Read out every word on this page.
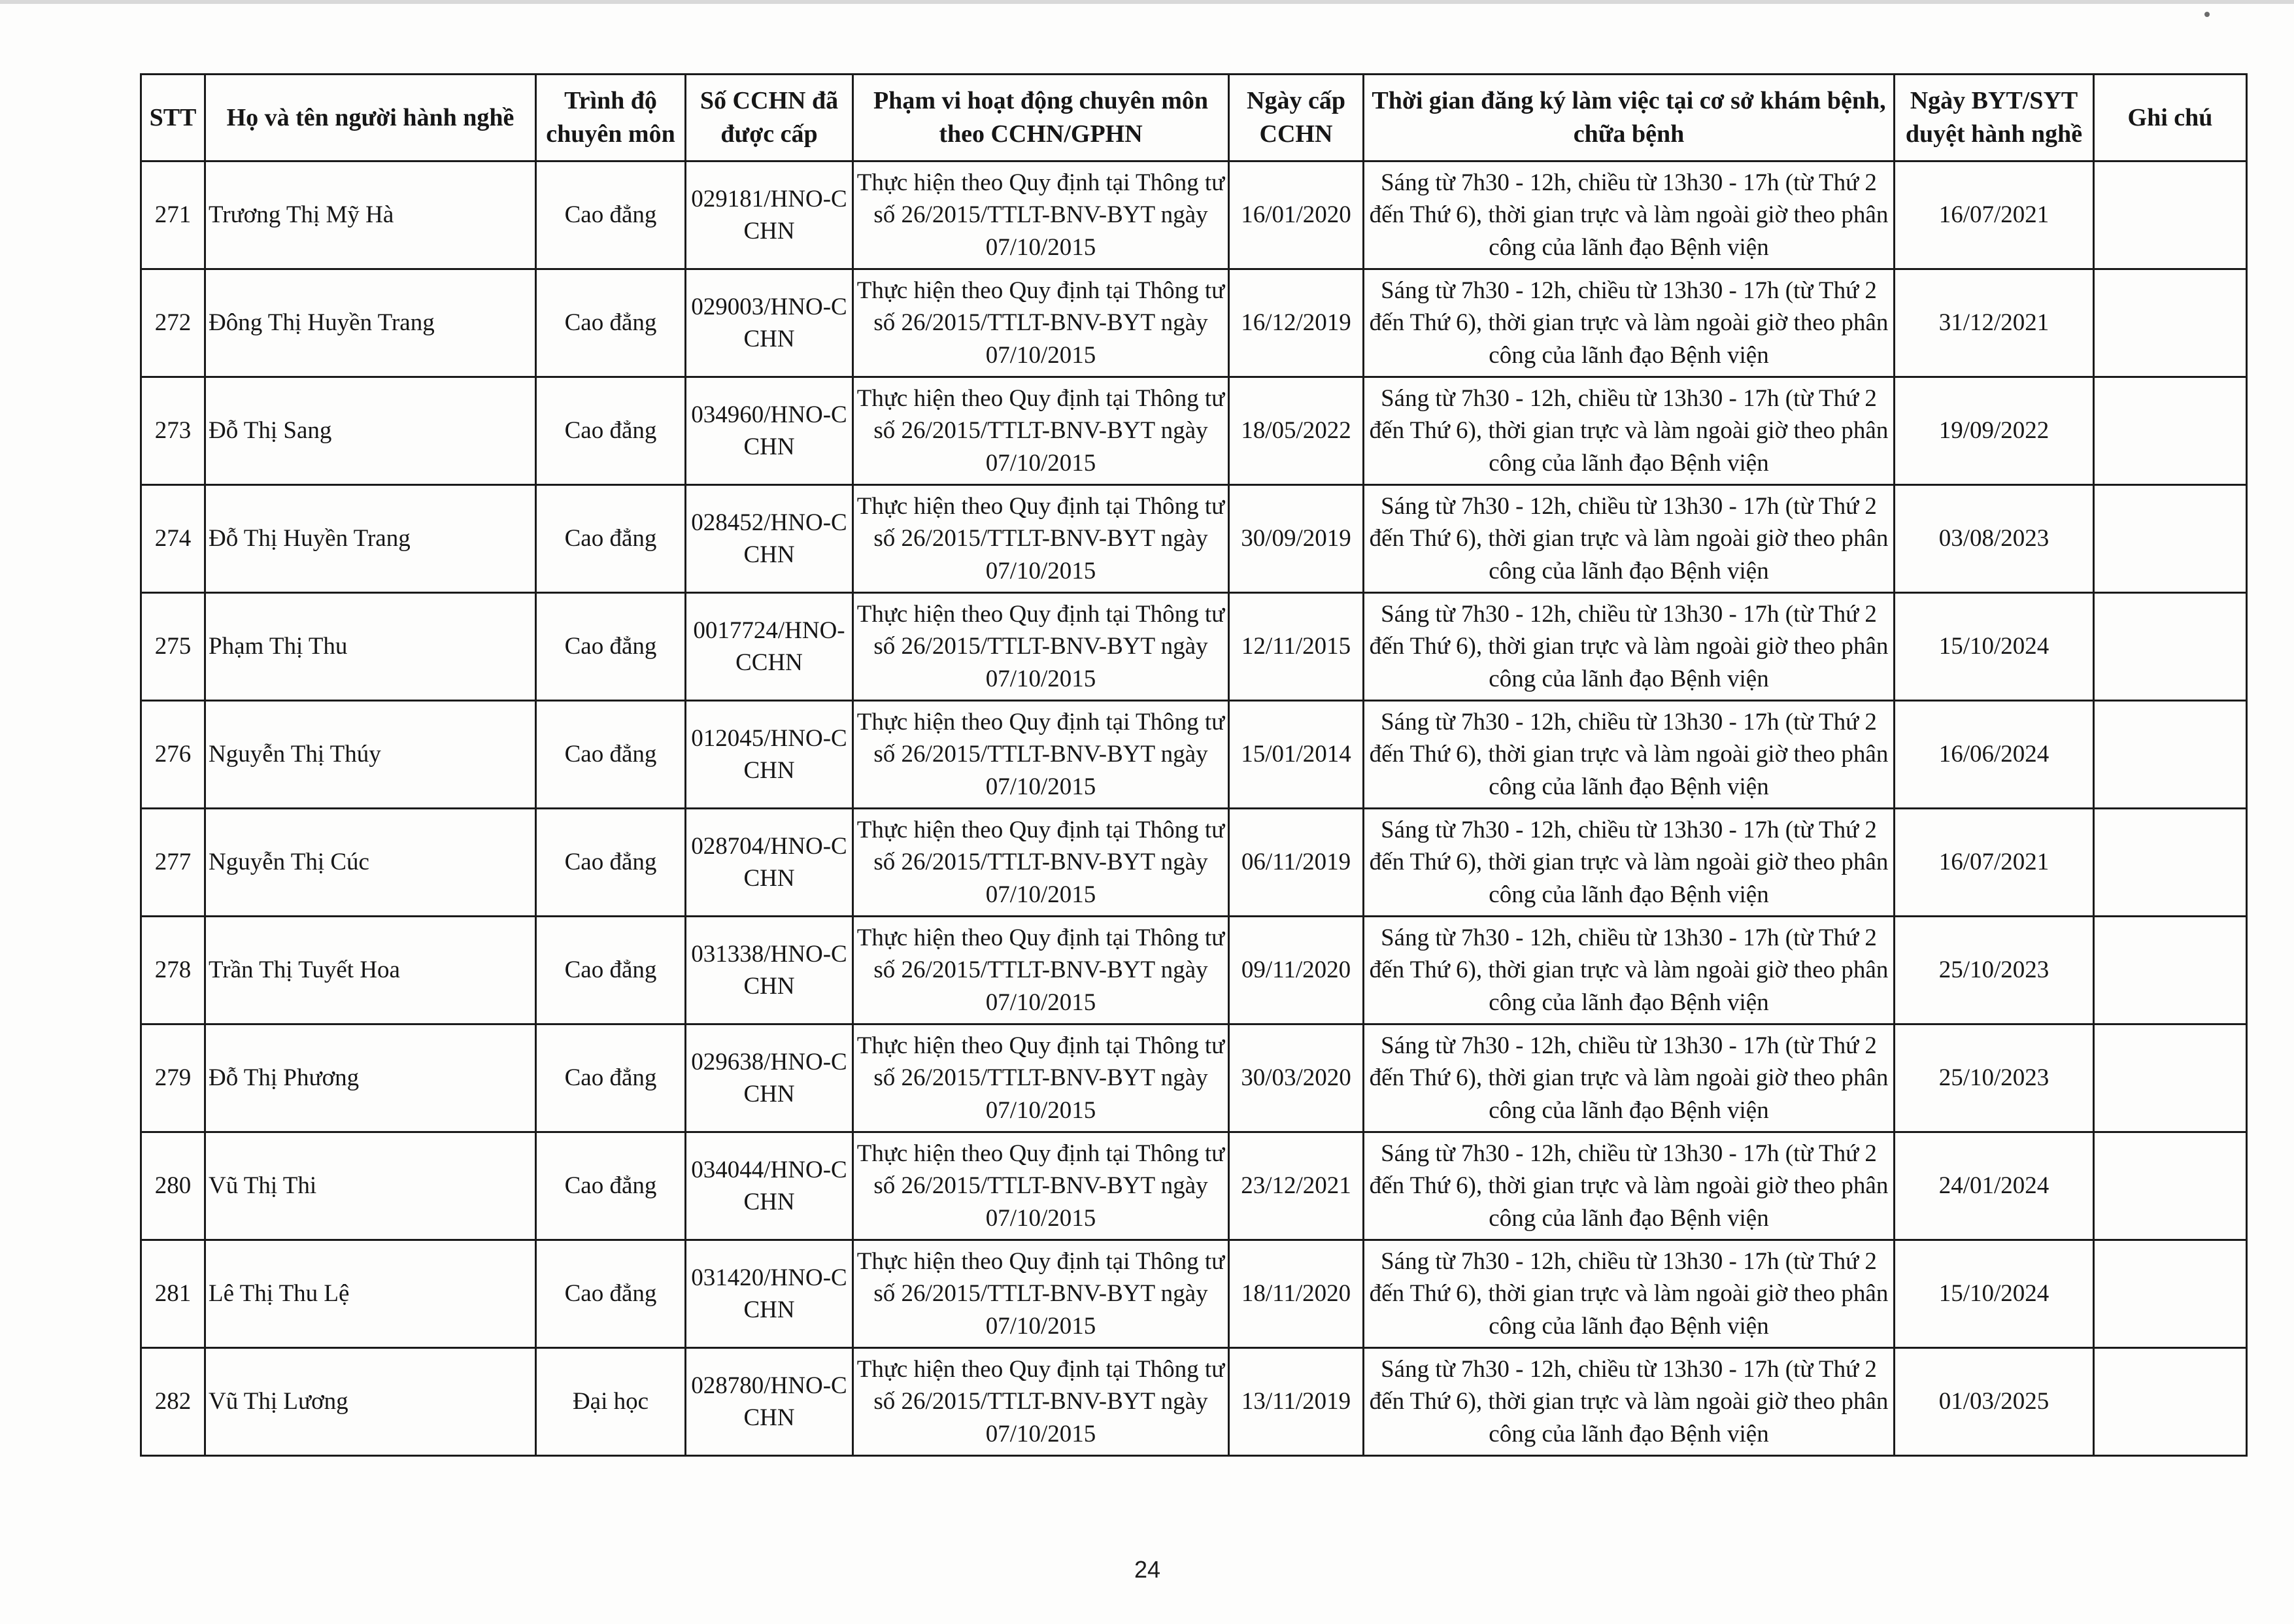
STT	Họ và tên người hành nghề	Trình độ chuyên môn	Số CCHN đã được cấp	Phạm vi hoạt động chuyên môn theo CCHN/GPHN	Ngày cấp CCHN	Thời gian đăng ký làm việc tại cơ sở khám bệnh, chữa bệnh	Ngày BYT/SYT duyệt hành nghề	Ghi chú
271	Trương Thị Mỹ Hà	Cao đẳng	029181/HNO-CCHN	Thực hiện theo Quy định tại Thông tư số 26/2015/TTLT-BNV-BYT ngày 07/10/2015	16/01/2020	Sáng từ 7h30 - 12h, chiều từ 13h30 - 17h (từ Thứ 2 đến Thứ 6), thời gian trực và làm ngoài giờ theo phân công của lãnh đạo Bệnh viện	16/07/2021	
272	Đông Thị Huyền Trang	Cao đẳng	029003/HNO-CCHN	Thực hiện theo Quy định tại Thông tư số 26/2015/TTLT-BNV-BYT ngày 07/10/2015	16/12/2019	Sáng từ 7h30 - 12h, chiều từ 13h30 - 17h (từ Thứ 2 đến Thứ 6), thời gian trực và làm ngoài giờ theo phân công của lãnh đạo Bệnh viện	31/12/2021	
273	Đỗ Thị Sang	Cao đẳng	034960/HNO-CCHN	Thực hiện theo Quy định tại Thông tư số 26/2015/TTLT-BNV-BYT ngày 07/10/2015	18/05/2022	Sáng từ 7h30 - 12h, chiều từ 13h30 - 17h (từ Thứ 2 đến Thứ 6), thời gian trực và làm ngoài giờ theo phân công của lãnh đạo Bệnh viện	19/09/2022	
274	Đỗ Thị Huyền Trang	Cao đẳng	028452/HNO-CCHN	Thực hiện theo Quy định tại Thông tư số 26/2015/TTLT-BNV-BYT ngày 07/10/2015	30/09/2019	Sáng từ 7h30 - 12h, chiều từ 13h30 - 17h (từ Thứ 2 đến Thứ 6), thời gian trực và làm ngoài giờ theo phân công của lãnh đạo Bệnh viện	03/08/2023	
275	Phạm Thị Thu	Cao đẳng	0017724/HNO-CCHN	Thực hiện theo Quy định tại Thông tư số 26/2015/TTLT-BNV-BYT ngày 07/10/2015	12/11/2015	Sáng từ 7h30 - 12h, chiều từ 13h30 - 17h (từ Thứ 2 đến Thứ 6), thời gian trực và làm ngoài giờ theo phân công của lãnh đạo Bệnh viện	15/10/2024	
276	Nguyễn Thị Thúy	Cao đẳng	012045/HNO-CCHN	Thực hiện theo Quy định tại Thông tư số 26/2015/TTLT-BNV-BYT ngày 07/10/2015	15/01/2014	Sáng từ 7h30 - 12h, chiều từ 13h30 - 17h (từ Thứ 2 đến Thứ 6), thời gian trực và làm ngoài giờ theo phân công của lãnh đạo Bệnh viện	16/06/2024	
277	Nguyễn Thị Cúc	Cao đẳng	028704/HNO-CCHN	Thực hiện theo Quy định tại Thông tư số 26/2015/TTLT-BNV-BYT ngày 07/10/2015	06/11/2019	Sáng từ 7h30 - 12h, chiều từ 13h30 - 17h (từ Thứ 2 đến Thứ 6), thời gian trực và làm ngoài giờ theo phân công của lãnh đạo Bệnh viện	16/07/2021	
278	Trần Thị Tuyết Hoa	Cao đẳng	031338/HNO-CCHN	Thực hiện theo Quy định tại Thông tư số 26/2015/TTLT-BNV-BYT ngày 07/10/2015	09/11/2020	Sáng từ 7h30 - 12h, chiều từ 13h30 - 17h (từ Thứ 2 đến Thứ 6), thời gian trực và làm ngoài giờ theo phân công của lãnh đạo Bệnh viện	25/10/2023	
279	Đỗ Thị Phương	Cao đẳng	029638/HNO-CCHN	Thực hiện theo Quy định tại Thông tư số 26/2015/TTLT-BNV-BYT ngày 07/10/2015	30/03/2020	Sáng từ 7h30 - 12h, chiều từ 13h30 - 17h (từ Thứ 2 đến Thứ 6), thời gian trực và làm ngoài giờ theo phân công của lãnh đạo Bệnh viện	25/10/2023	
280	Vũ Thị Thi	Cao đẳng	034044/HNO-CCHN	Thực hiện theo Quy định tại Thông tư số 26/2015/TTLT-BNV-BYT ngày 07/10/2015	23/12/2021	Sáng từ 7h30 - 12h, chiều từ 13h30 - 17h (từ Thứ 2 đến Thứ 6), thời gian trực và làm ngoài giờ theo phân công của lãnh đạo Bệnh viện	24/01/2024	
281	Lê Thị Thu Lệ	Cao đẳng	031420/HNO-CCHN	Thực hiện theo Quy định tại Thông tư số 26/2015/TTLT-BNV-BYT ngày 07/10/2015	18/11/2020	Sáng từ 7h30 - 12h, chiều từ 13h30 - 17h (từ Thứ 2 đến Thứ 6), thời gian trực và làm ngoài giờ theo phân công của lãnh đạo Bệnh viện	15/10/2024	
282	Vũ Thị Lương	Đại học	028780/HNO-CCHN	Thực hiện theo Quy định tại Thông tư số 26/2015/TTLT-BNV-BYT ngày 07/10/2015	13/11/2019	Sáng từ 7h30 - 12h, chiều từ 13h30 - 17h (từ Thứ 2 đến Thứ 6), thời gian trực và làm ngoài giờ theo phân công của lãnh đạo Bệnh viện	01/03/2025	
24
